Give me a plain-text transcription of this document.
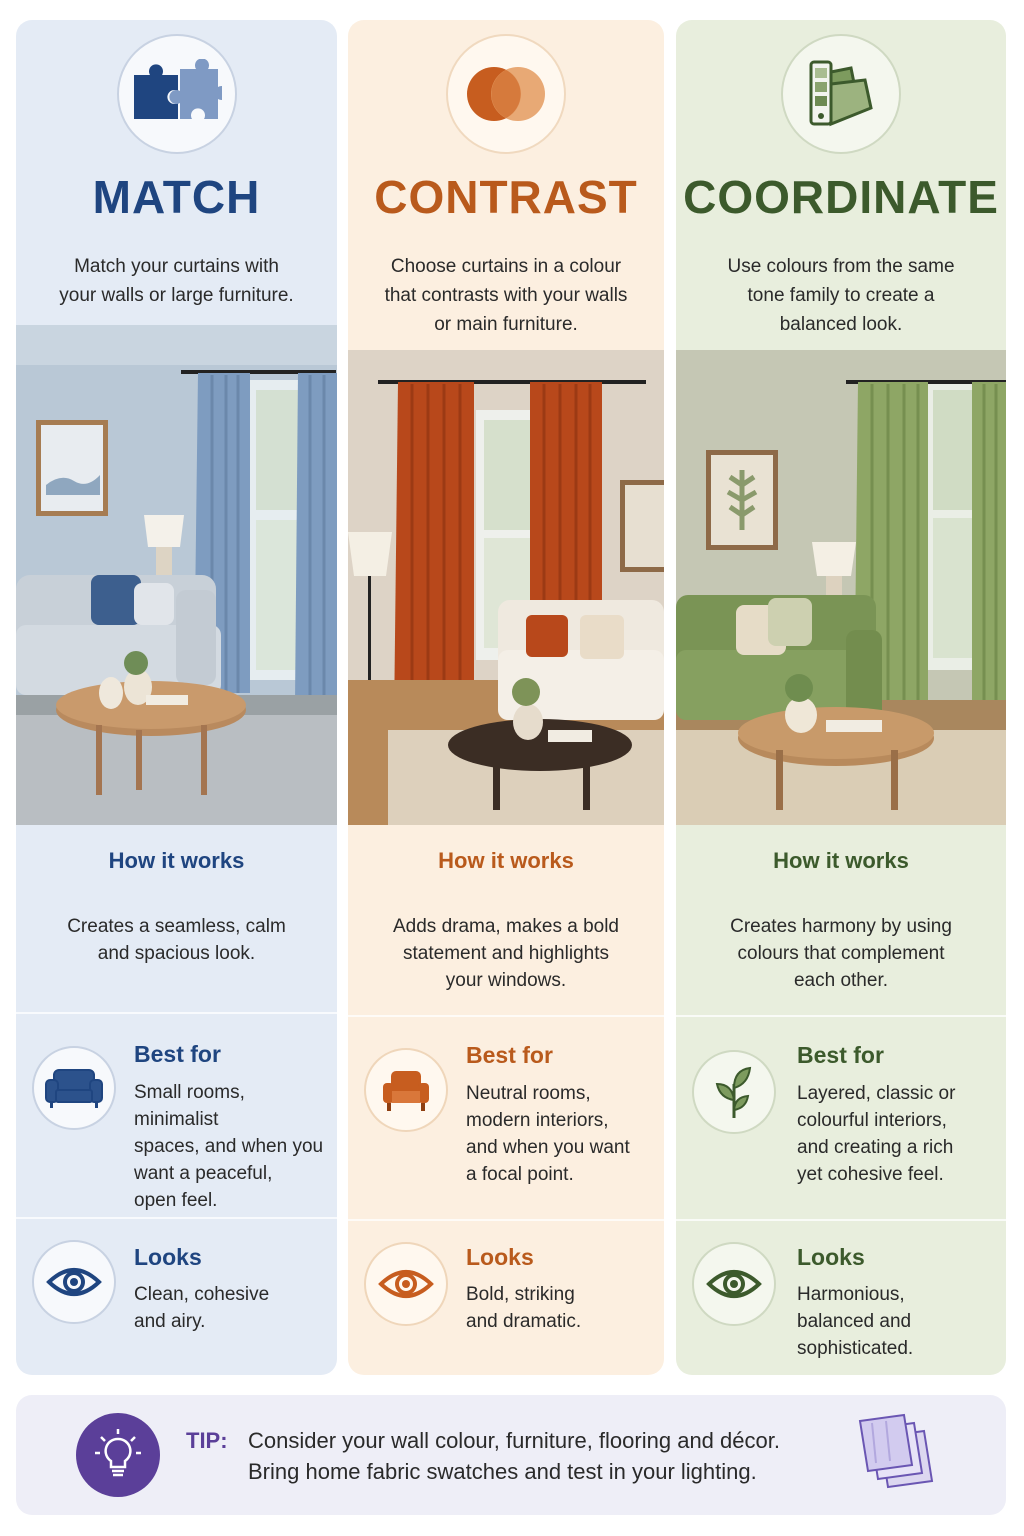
MATCH
Match your curtains with
your walls or large furniture.
How it works
Creates a seamless, calm
and spacious look.
Best for
Small rooms, minimalist
spaces, and when you
want a peaceful,
open feel.
Looks
Clean, cohesive
and airy.
CONTRAST
Choose curtains in a colour
that contrasts with your walls
or main furniture.
How it works
Adds drama, makes a bold
statement and highlights
your windows.
Best for
Neutral rooms,
modern interiors,
and when you want
a focal point.
Looks
Bold, striking
and dramatic.
COORDINATE
Use colours from the same
tone family to create a
balanced look.
How it works
Creates harmony by using
colours that complement
each other.
Best for
Layered, classic or
colourful interiors,
and creating a rich
yet cohesive feel.
Looks
Harmonious,
balanced and
sophisticated.
TIP: Consider your wall colour, furniture, flooring and décor.
Bring home fabric swatches and test in your lighting.
